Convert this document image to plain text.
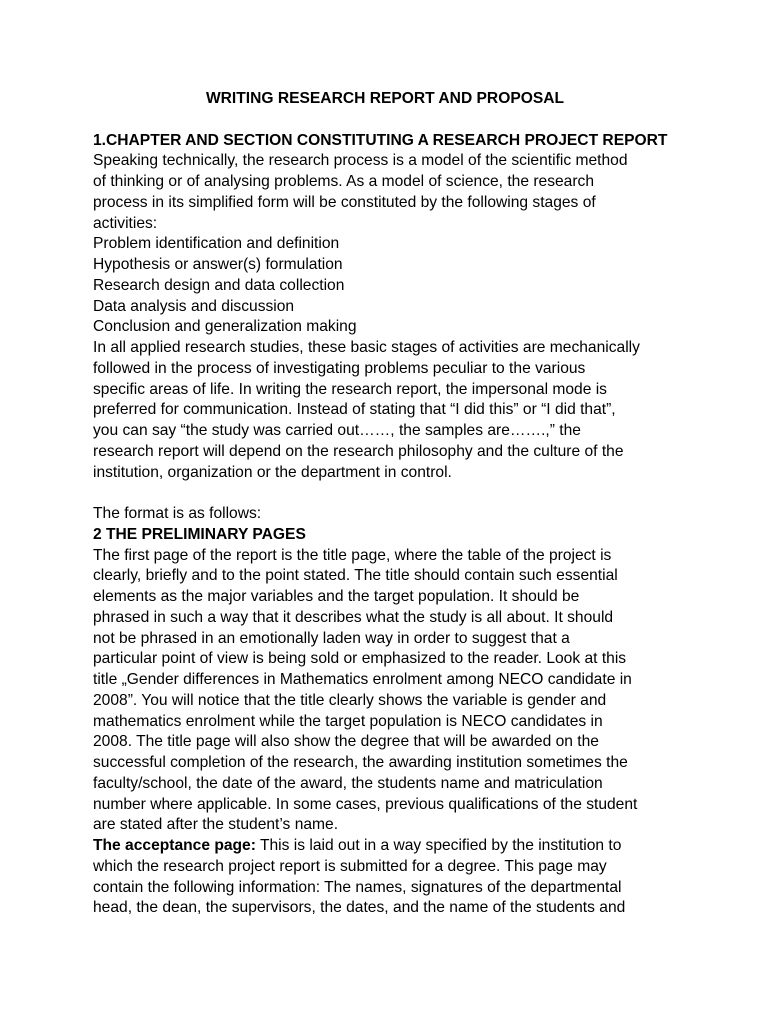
WRITING RESEARCH REPORT AND PROPOSAL

1.CHAPTER AND SECTION CONSTITUTING A RESEARCH PROJECT REPORT

Speaking technically, the research process is a model of the scientific method
of thinking or of analysing problems. As a model of science, the research
process in its simplified form will be constituted by the following stages of
activities:

Problem identification and definition
Hypothesis or answer(s) formulation
Research design and data collection
Data analysis and discussion
Conclusion and generalization making

In all applied research studies, these basic stages of activities are mechanically
followed in the process of investigating problems peculiar to the various
specific areas of life. In writing the research report, the impersonal mode is
preferred for communication. Instead of stating that “I did this” or “I did that”,
you can say “the study was carried out……, the samples are…….,” the
research report will depend on the research philosophy and the culture of the
institution, organization or the department in control.

The format is as follows:

2 THE PRELIMINARY PAGES

The first page of the report is the title page, where the table of the project is
clearly, briefly and to the point stated. The title should contain such essential
elements as the major variables and the target population. It should be
phrased in such a way that it describes what the study is all about. It should
not be phrased in an emotionally laden way in order to suggest that a
particular point of view is being sold or emphasized to the reader. Look at this
title „Gender differences in Mathematics enrolment among NECO candidate in
2008”. You will notice that the title clearly shows the variable is gender and
mathematics enrolment while the target population is NECO candidates in
2008. The title page will also show the degree that will be awarded on the
successful completion of the research, the awarding institution sometimes the
faculty/school, the date of the award, the students name and matriculation
number where applicable. In some cases, previous qualifications of the student
are stated after the student’s name.

The acceptance page: This is laid out in a way specified by the institution to
which the research project report is submitted for a degree. This page may
contain the following information: The names, signatures of the departmental
head, the dean, the supervisors, the dates, and the name of the students and
